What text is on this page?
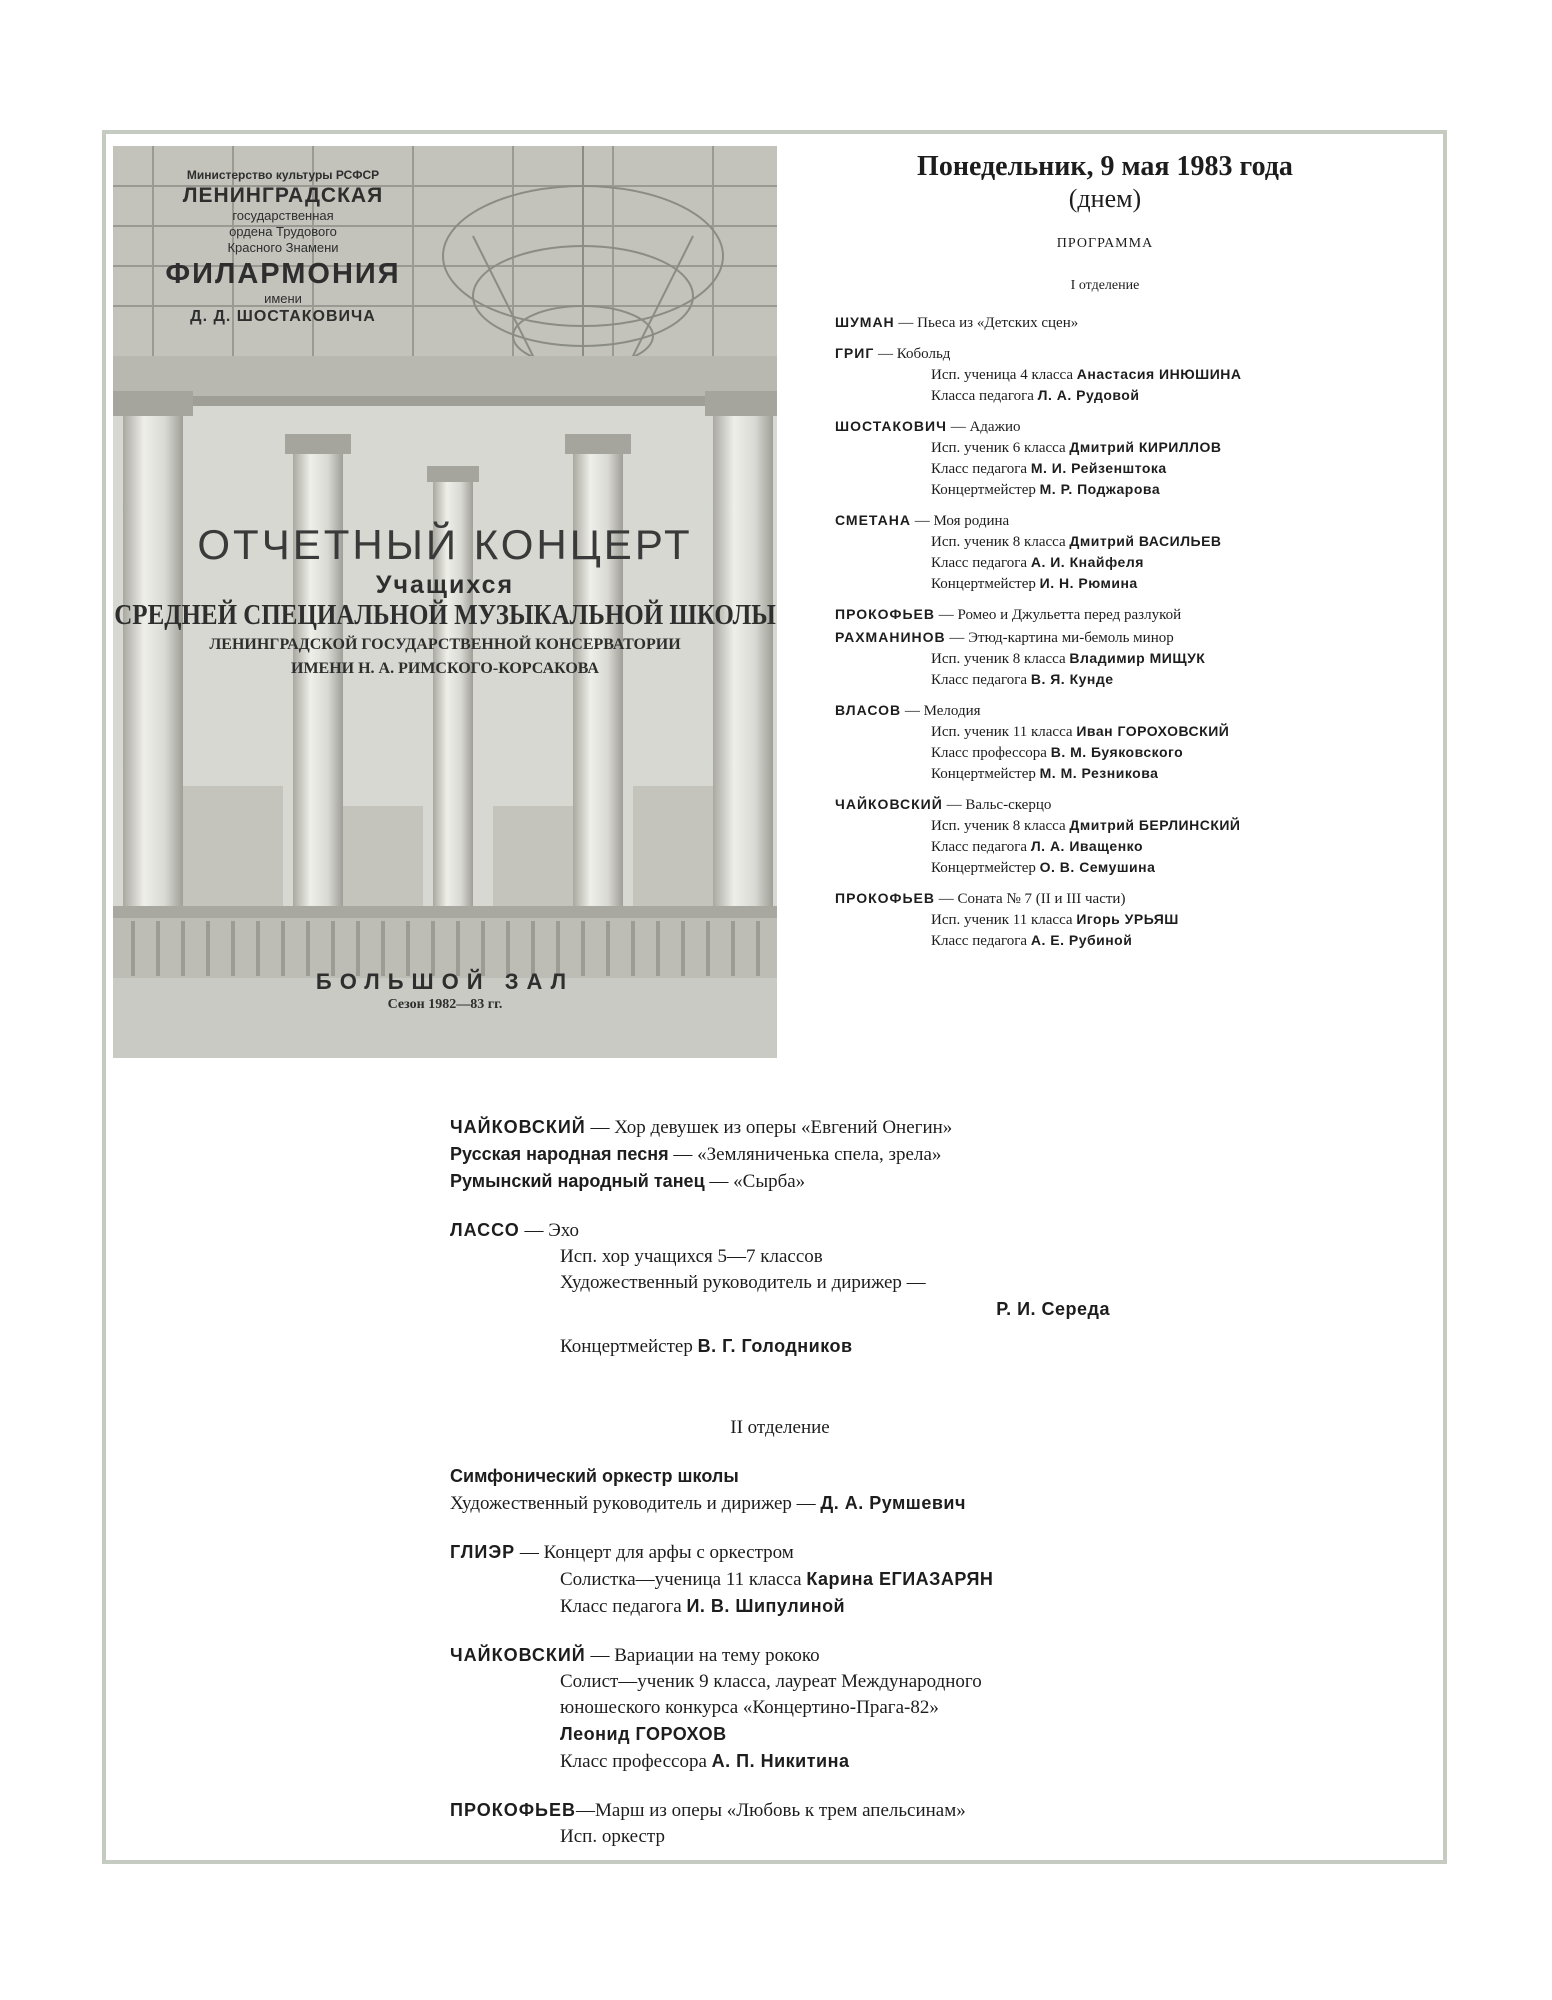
Министерство культуры РСФСР
ЛЕНИНГРАДСКАЯ
государственная
ордена Трудового
Красного Знамени
ФИЛАРМОНИЯ
имени
Д. Д. ШОСТАКОВИЧА
ОТЧЕТНЫЙ КОНЦЕРТ
Учащихся
СРЕДНЕЙ СПЕЦИАЛЬНОЙ МУЗЫКАЛЬНОЙ ШКОЛЫ
ЛЕНИНГРАДСКОЙ ГОСУДАРСТВЕННОЙ КОНСЕРВАТОРИИ
ИМЕНИ Н. А. РИМСКОГО-КОРСАКОВА
БОЛЬШОЙ ЗАЛ
Сезон 1982—83 гг.
Понедельник, 9 мая 1983 года
(днем)
ПРОГРАММА
I отделение
ШУМАН — Пьеса из «Детских сцен»
ГРИГ — Кобольд
Исп. ученица 4 класса Анастасия ИНЮШИНА
Класса педагога Л. А. Рудовой
ШОСТАКОВИЧ — Адажио
Исп. ученик 6 класса Дмитрий КИРИЛЛОВ
Класс педагога М. И. Рейзенштока
Концертмейстер М. Р. Поджарова
СМЕТАНА — Моя родина
Исп. ученик 8 класса Дмитрий ВАСИЛЬЕВ
Класс педагога А. И. Кнайфеля
Концертмейстер И. Н. Рюмина
ПРОКОФЬЕВ — Ромео и Джульетта перед разлукой
РАХМАНИНОВ — Этюд-картина ми-бемоль минор
Исп. ученик 8 класса Владимир МИЩУК
Класс педагога В. Я. Кунде
ВЛАСОВ — Мелодия
Исп. ученик 11 класса Иван ГОРОХОВСКИЙ
Класс профессора В. М. Буяковского
Концертмейстер М. М. Резникова
ЧАЙКОВСКИЙ — Вальс-скерцо
Исп. ученик 8 класса Дмитрий БЕРЛИНСКИЙ
Класс педагога Л. А. Иващенко
Концертмейстер О. В. Семушина
ПРОКОФЬЕВ — Соната № 7 (II и III части)
Исп. ученик 11 класса Игорь УРЬЯШ
Класс педагога А. Е. Рубиной
ЧАЙКОВСКИЙ — Хор девушек из оперы «Евгений Онегин»
Русская народная песня — «Земляниченька спела, зрела»
Румынский народный танец — «Сырба»
ЛАССО — Эхо
Исп. хор учащихся 5—7 классов
Художественный руководитель и дирижер —
Р. И. Середа
Концертмейстер В. Г. Голодников
II отделение
Симфонический оркестр школы
Художественный руководитель и дирижер — Д. А. Румшевич
ГЛИЭР — Концерт для арфы с оркестром
Солистка—ученица 11 класса Карина ЕГИАЗАРЯН
Класс педагога И. В. Шипулиной
ЧАЙКОВСКИЙ — Вариации на тему рококо
Солист—ученик 9 класса, лауреат Международного
юношеского конкурса «Концертино-Прага-82»
Леонид ГОРОХОВ
Класс профессора А. П. Никитина
ПРОКОФЬЕВ—Марш из оперы «Любовь к трем апельсинам»
Исп. оркестр
